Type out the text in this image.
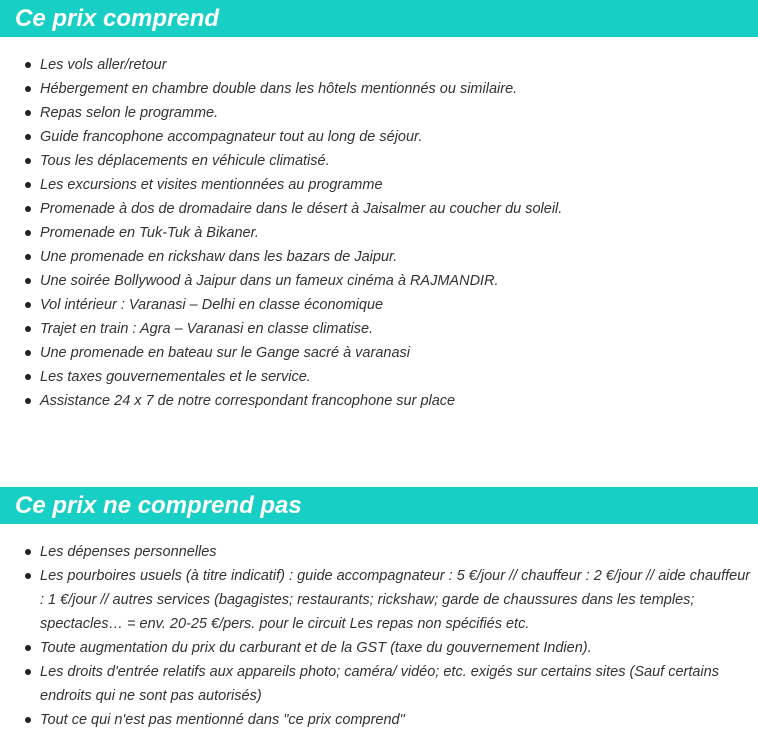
Ce prix comprend
Les vols aller/retour
Hébergement en chambre double dans les hôtels mentionnés ou similaire.
Repas selon le programme.
Guide francophone accompagnateur tout au long de séjour.
Tous les déplacements en véhicule climatisé.
Les excursions et visites mentionnées au programme
Promenade à dos de dromadaire dans le désert à Jaisalmer au coucher du soleil.
Promenade en Tuk-Tuk à Bikaner.
Une promenade en rickshaw dans les bazars de Jaipur.
Une soirée Bollywood à Jaipur dans un fameux cinéma à RAJMANDIR.
Vol intérieur : Varanasi – Delhi en classe économique
Trajet en train : Agra – Varanasi en classe climatise.
Une promenade en bateau sur le Gange sacré à varanasi
Les taxes gouvernementales et le service.
Assistance 24 x 7 de notre correspondant francophone sur place
Ce prix ne comprend pas
Les dépenses personnelles
Les pourboires usuels (à titre indicatif) : guide accompagnateur : 5 €/jour // chauffeur : 2 €/jour // aide chauffeur : 1 €/jour // autres services (bagagistes; restaurants; rickshaw; garde de chaussures dans les temples; spectacles… = env. 20-25 €/pers. pour le circuit Les repas non spécifiés etc.
Toute augmentation du prix du carburant et de la GST (taxe du gouvernement Indien).
Les droits d'entrée relatifs aux appareils photo; caméra/ vidéo; etc. exigés sur certains sites (Sauf certains endroits qui ne sont pas autorisés)
Tout ce qui n'est pas mentionné dans "ce prix comprend"
